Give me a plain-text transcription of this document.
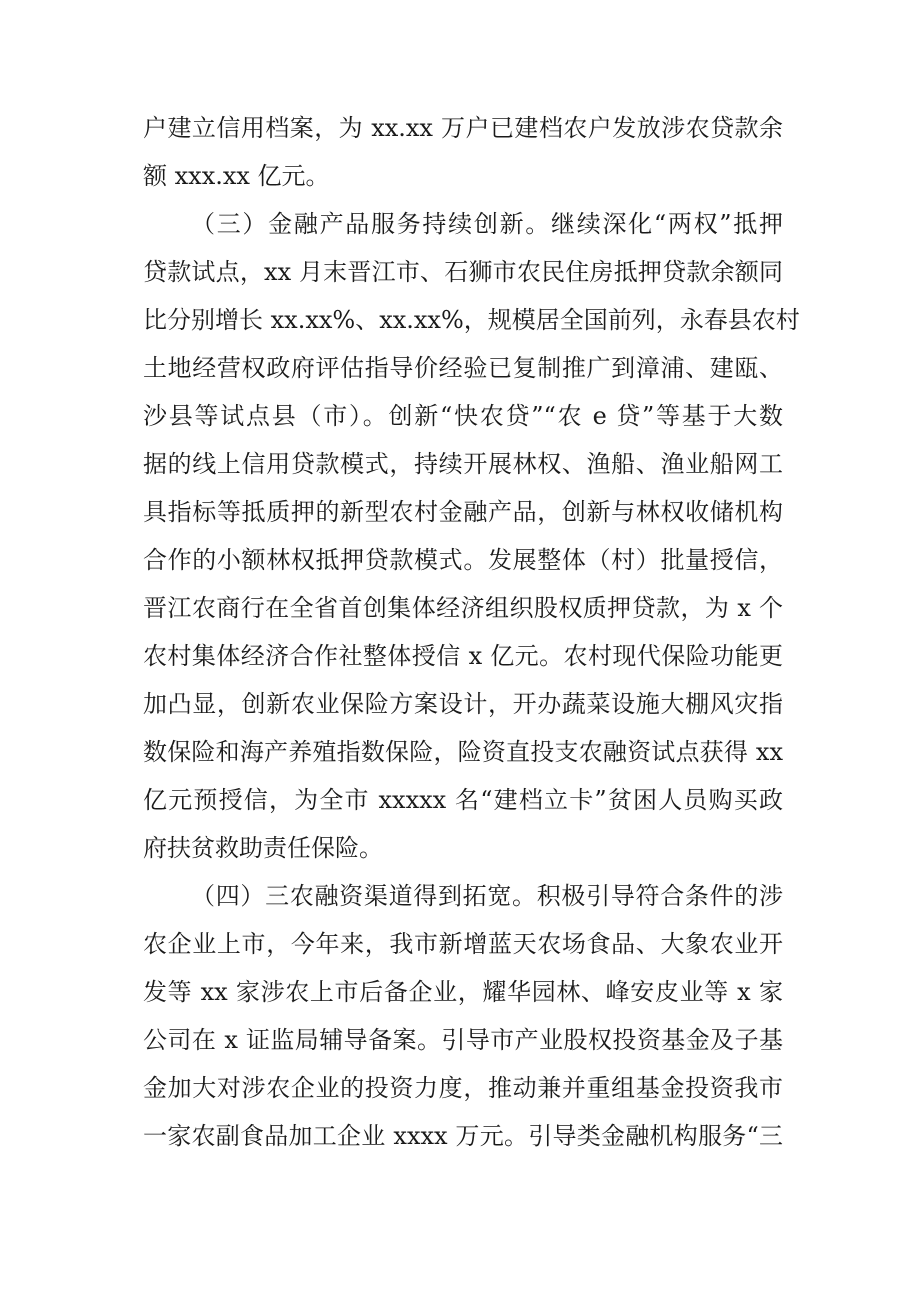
户建立信用档案，为 xx.xx 万户已建档农户发放涉农贷款余
额 xxx.xx 亿元。
（三）金融产品服务持续创新。继续深化“两权”抵押
贷款试点，xx 月末晋江市、石狮市农民住房抵押贷款余额同
比分别增长 xx.xx%、xx.xx%，规模居全国前列，永春县农村
土地经营权政府评估指导价经验已复制推广到漳浦、建瓯、
沙县等试点县（市）。创新“快农贷”“农 e 贷”等基于大数
据的线上信用贷款模式，持续开展林权、渔船、渔业船网工
具指标等抵质押的新型农村金融产品，创新与林权收储机构
合作的小额林权抵押贷款模式。发展整体（村）批量授信，
晋江农商行在全省首创集体经济组织股权质押贷款，为 x 个
农村集体经济合作社整体授信 x 亿元。农村现代保险功能更
加凸显，创新农业保险方案设计，开办蔬菜设施大棚风灾指
数保险和海产养殖指数保险，险资直投支农融资试点获得 xx
亿元预授信，为全市 xxxxx 名“建档立卡”贫困人员购买政
府扶贫救助责任保险。
（四）三农融资渠道得到拓宽。积极引导符合条件的涉
农企业上市，今年来，我市新增蓝天农场食品、大象农业开
发等 xx 家涉农上市后备企业，耀华园林、峰安皮业等 x 家
公司在 x 证监局辅导备案。引导市产业股权投资基金及子基
金加大对涉农企业的投资力度，推动兼并重组基金投资我市
一家农副食品加工企业 xxxx 万元。引导类金融机构服务“三
